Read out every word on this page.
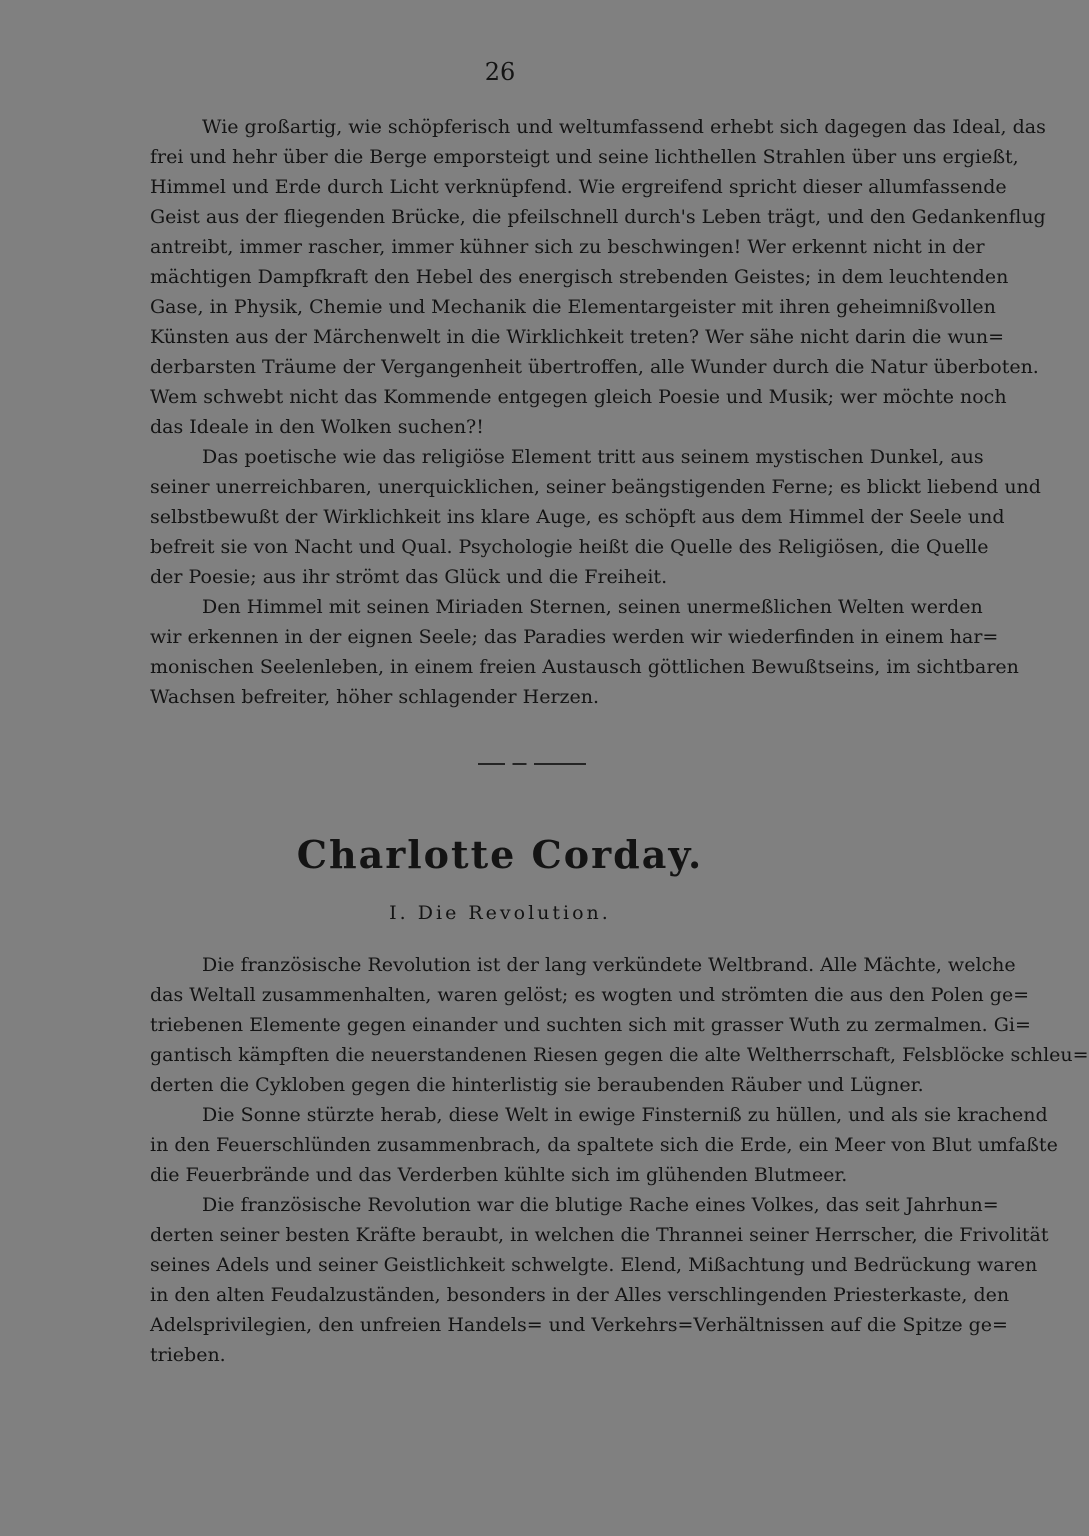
26
Wie großartig, wie schöpferisch und weltumfassend erhebt sich dagegen das Ideal, das
frei und hehr über die Berge emporsteigt und seine lichthellen Strahlen über uns ergießt,
Himmel und Erde durch Licht verknüpfend. Wie ergreifend spricht dieser allumfassende
Geist aus der fliegenden Brücke, die pfeilschnell durch's Leben trägt, und den Gedankenflug
antreibt, immer rascher, immer kühner sich zu beschwingen! Wer erkennt nicht in der
mächtigen Dampfkraft den Hebel des energisch strebenden Geistes; in dem leuchtenden
Gase, in Physik, Chemie und Mechanik die Elementargeister mit ihren geheimnißvollen
Künsten aus der Märchenwelt in die Wirklichkeit treten? Wer sähe nicht darin die wun=
derbarsten Träume der Vergangenheit übertroffen, alle Wunder durch die Natur überboten.
Wem schwebt nicht das Kommende entgegen gleich Poesie und Musik; wer möchte noch
das Ideale in den Wolken suchen?!
Das poetische wie das religiöse Element tritt aus seinem mystischen Dunkel, aus
seiner unerreichbaren, unerquicklichen, seiner beängstigenden Ferne; es blickt liebend und
selbstbewußt der Wirklichkeit ins klare Auge, es schöpft aus dem Himmel der Seele und
befreit sie von Nacht und Qual. Psychologie heißt die Quelle des Religiösen, die Quelle
der Poesie; aus ihr strömt das Glück und die Freiheit.
Den Himmel mit seinen Miriaden Sternen, seinen unermeßlichen Welten werden
wir erkennen in der eignen Seele; das Paradies werden wir wiederfinden in einem har=
monischen Seelenleben, in einem freien Austausch göttlichen Bewußtseins, im sichtbaren
Wachsen befreiter, höher schlagender Herzen.
Charlotte Corday.
I. Die Revolution.
Die französische Revolution ist der lang verkündete Weltbrand. Alle Mächte, welche
das Weltall zusammenhalten, waren gelöst; es wogten und strömten die aus den Polen ge=
triebenen Elemente gegen einander und suchten sich mit grasser Wuth zu zermalmen. Gi=
gantisch kämpften die neuerstandenen Riesen gegen die alte Weltherrschaft, Felsblöcke schleu=
derten die Cykloben gegen die hinterlistig sie beraubenden Räuber und Lügner.
Die Sonne stürzte herab, diese Welt in ewige Finsterniß zu hüllen, und als sie krachend
in den Feuerschlünden zusammenbrach, da spaltete sich die Erde, ein Meer von Blut umfaßte
die Feuerbrände und das Verderben kühlte sich im glühenden Blutmeer.
Die französische Revolution war die blutige Rache eines Volkes, das seit Jahrhun=
derten seiner besten Kräfte beraubt, in welchen die Thrannei seiner Herrscher, die Frivolität
seines Adels und seiner Geistlichkeit schwelgte. Elend, Mißachtung und Bedrückung waren
in den alten Feudalzuständen, besonders in der Alles verschlingenden Priesterkaste, den
Adelsprivilegien, den unfreien Handels= und Verkehrs=Verhältnissen auf die Spitze ge=
trieben.
